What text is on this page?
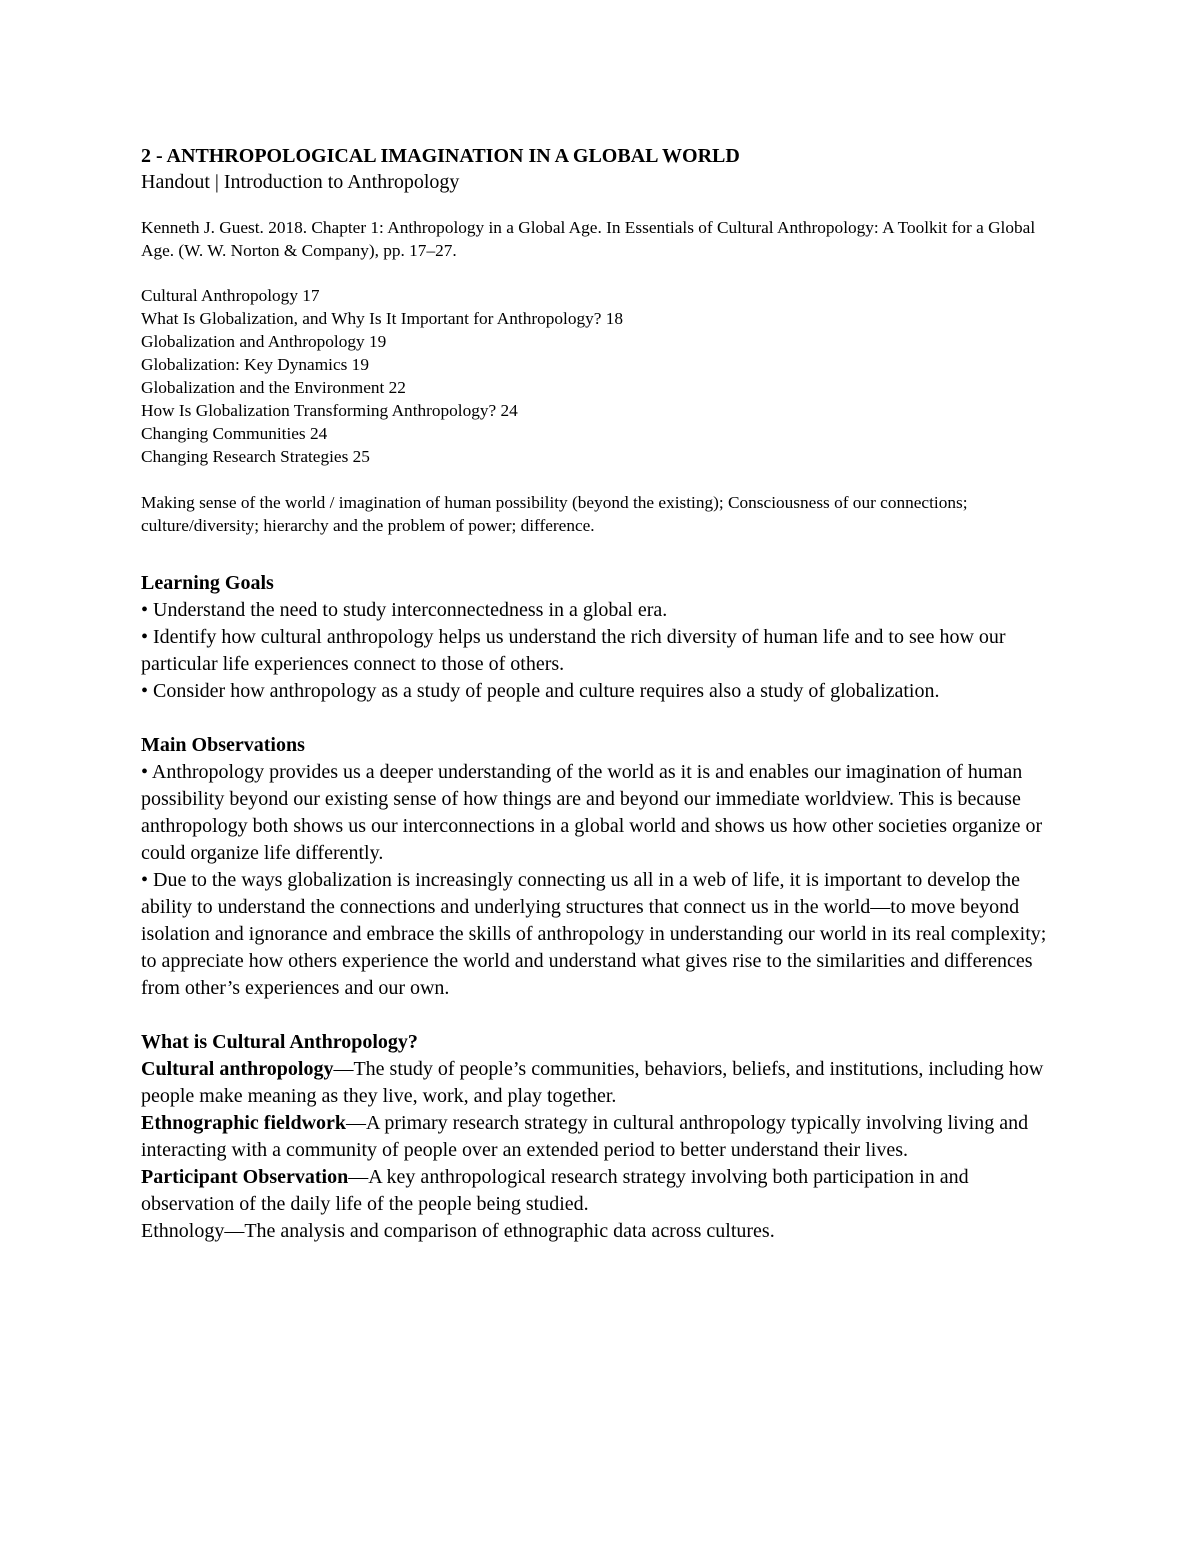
2 - ANTHROPOLOGICAL IMAGINATION IN A GLOBAL WORLD
Handout | Introduction to Anthropology
Kenneth J. Guest. 2018. Chapter 1: Anthropology in a Global Age. In Essentials of Cultural Anthropology: A Toolkit for a Global Age. (W. W. Norton & Company), pp. 17–27.
Cultural Anthropology 17
What Is Globalization, and Why Is It Important for Anthropology? 18
Globalization and Anthropology 19
Globalization: Key Dynamics 19
Globalization and the Environment 22
How Is Globalization Transforming Anthropology? 24
Changing Communities 24
Changing Research Strategies 25
Making sense of the world / imagination of human possibility (beyond the existing); Consciousness of our connections; culture/diversity; hierarchy and the problem of power; difference.
Learning Goals
• Understand the need to study interconnectedness in a global era.
• Identify how cultural anthropology helps us understand the rich diversity of human life and to see how our particular life experiences connect to those of others.
• Consider how anthropology as a study of people and culture requires also a study of globalization.
Main Observations
• Anthropology provides us a deeper understanding of the world as it is and enables our imagination of human possibility beyond our existing sense of how things are and beyond our immediate worldview. This is because anthropology both shows us our interconnections in a global world and shows us how other societies organize or could organize life differently.
• Due to the ways globalization is increasingly connecting us all in a web of life, it is important to develop the ability to understand the connections and underlying structures that connect us in the world—to move beyond isolation and ignorance and embrace the skills of anthropology in understanding our world in its real complexity; to appreciate how others experience the world and understand what gives rise to the similarities and differences from other’s experiences and our own.
What is Cultural Anthropology?
Cultural anthropology—The study of people’s communities, behaviors, beliefs, and institutions, including how people make meaning as they live, work, and play together.
Ethnographic fieldwork—A primary research strategy in cultural anthropology typically involving living and interacting with a community of people over an extended period to better understand their lives.
Participant Observation—A key anthropological research strategy involving both participation in and observation of the daily life of the people being studied.
Ethnology—The analysis and comparison of ethnographic data across cultures.
